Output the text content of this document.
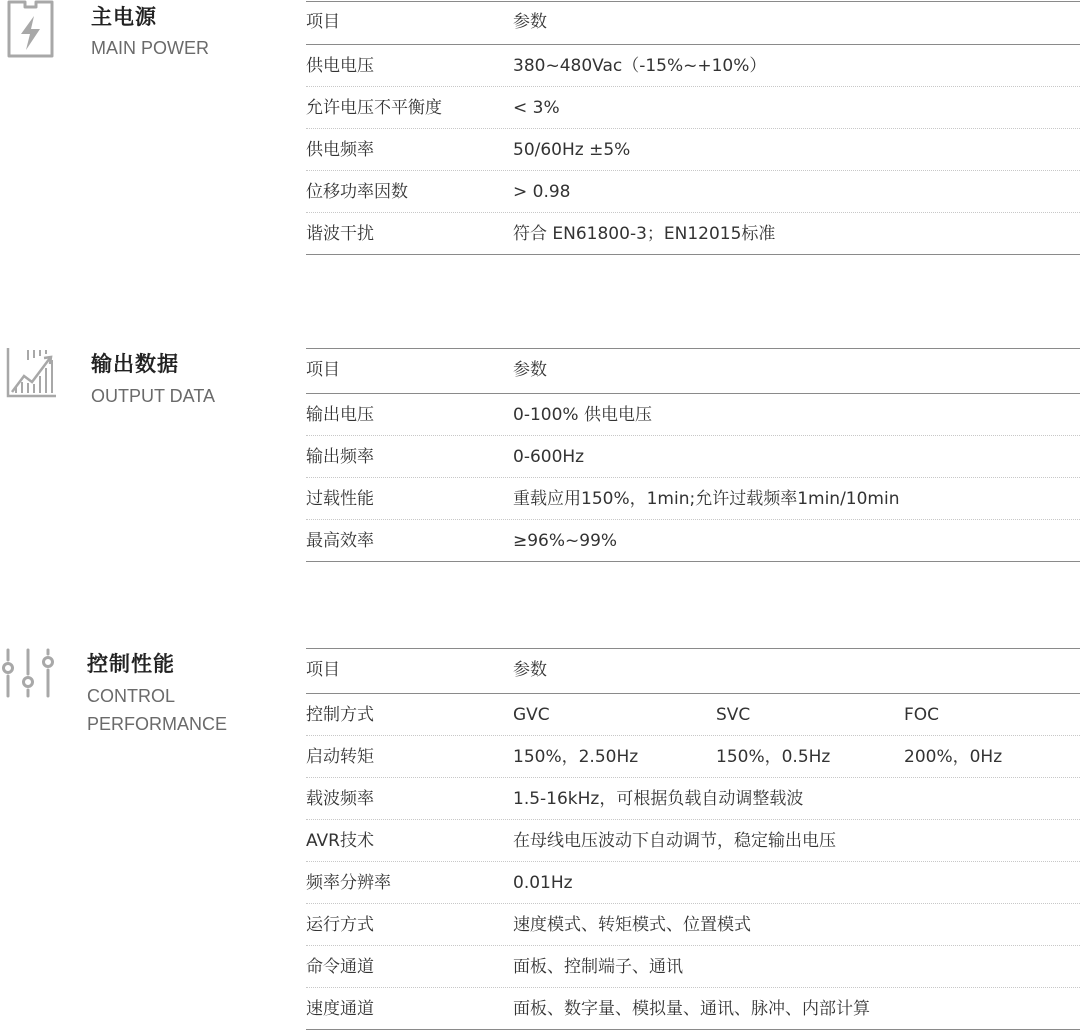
主电源
MAIN POWER
项目	参数
供电电压	380~480Vac（-15%~+10%）
允许电压不平衡度	< 3%
供电频率	50/60Hz ±5%
位移功率因数	> 0.98
谐波干扰	符合 EN61800-3；EN12015标准
输出数据
OUTPUT DATA
项目	参数
输出电压	0-100% 供电电压
输出频率	0-600Hz
过载性能	重载应用150%，1min;允许过载频率1min/10min
最高效率	≥96%~99%
控制性能
CONTROL
PERFORMANCE
项目	参数
控制方式	GVC	SVC	FOC
启动转矩	150%，2.50Hz	150%，0.5Hz	200%，0Hz
载波频率	1.5-16kHz，可根据负载自动调整载波
AVR技术	在母线电压波动下自动调节，稳定输出电压
频率分辨率	0.01Hz
运行方式	速度模式、转矩模式、位置模式
命令通道	面板、控制端子、通讯
速度通道	面板、数字量、模拟量、通讯、脉冲、内部计算
